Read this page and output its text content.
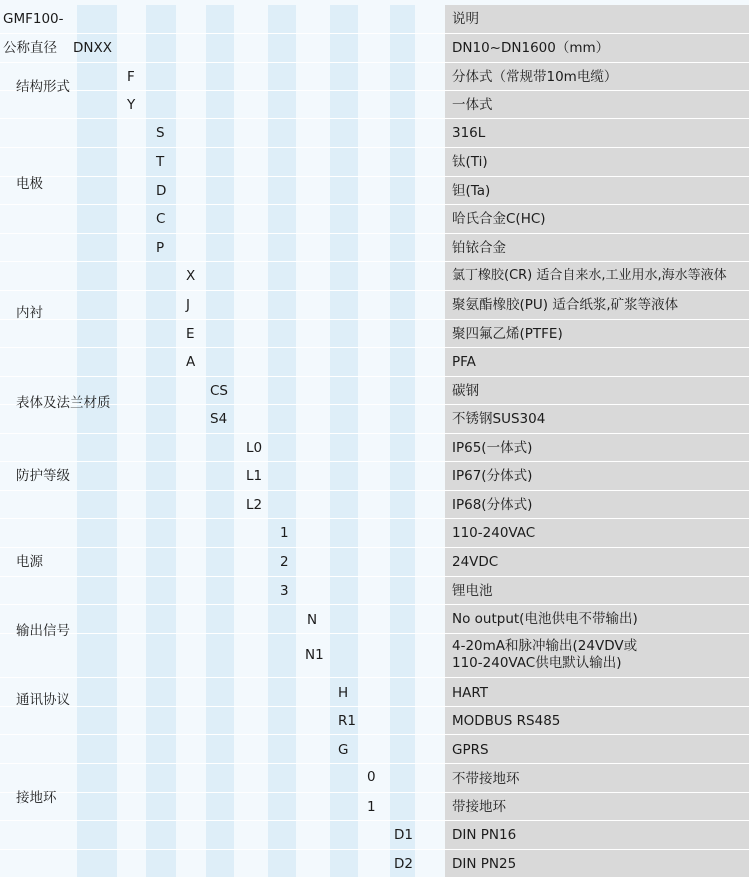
GMF100-
公称直径 DNXX
说明
DN10~DN1600（mm）
结构形式
F
Y
分体式（常规带10m电缆）
一体式
电极
S
T
D
C
P
316L
钛(Ti)
钽(Ta)
哈氏合金C(HC)
铂铱合金
内衬
X
J
E
A
氯丁橡胶(CR) 适合自来水,工业用水,海水等液体
聚氨酯橡胶(PU) 适合纸浆,矿浆等液体
聚四氟乙烯(PTFE)
PFA
表体及法兰材质
CS
S4
碳钢
不锈钢SUS304
防护等级
L0
L1
L2
IP65(一体式)
IP67(分体式)
IP68(分体式)
电源
1
2
3
110-240VAC
24VDC
锂电池
输出信号
N
N1
No output(电池供电不带输出)
4-20mA和脉冲输出(24VDV或
110-240VAC供电默认输出)
通讯协议	H
R1
G
HART
MODBUS RS485
GPRS
接地环
0
1
不带接地环
带接地环
D1
D2
DIN PN16
DIN PN25
